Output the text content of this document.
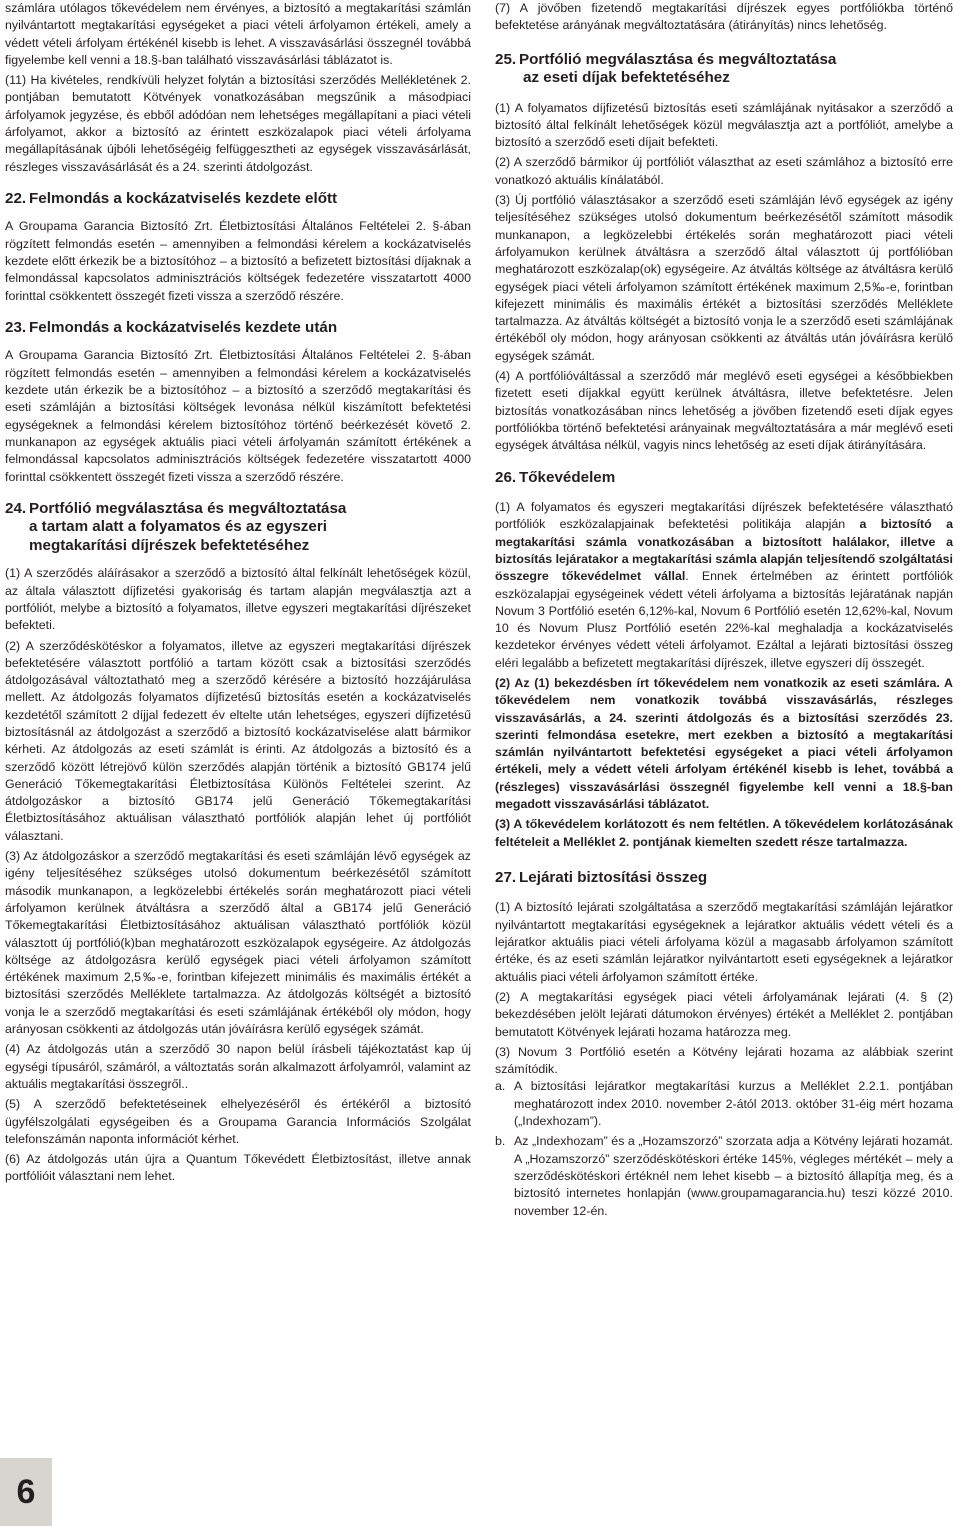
számlára utólagos tőkevédelem nem érvényes, a biztosító a megtakarítási számlán nyilvántartott megtakarítási egységeket a piaci vételi árfolyamon értékeli, amely a védett vételi árfolyam értékénél kisebb is lehet. A visszavásárlási összegnél továbbá figyelembe kell venni a 18.§-ban található visszavásárlási táblázatot is.

(11) Ha kivételes, rendkívüli helyzet folytán a biztosítási szerződés Mellékletének 2. pontjában bemutatott Kötvények vonatkozásában megszűnik a másodpiaci árfolyamok jegyzése, és ebből adódóan nem lehetséges megállapítani a piaci vételi árfolyamot, akkor a biztosító az érintett eszközalapok piaci vételi árfolyama megállapításának újbóli lehetőségéig felfüggesztheti az egységek visszavásárlását, részleges visszavásárlását és a 24. szerinti átdolgozást.

22. Felmondás a kockázatviselés kezdete előtt

A Groupama Garancia Biztosító Zrt. Életbiztosítási Általános Feltételei 2. §-ában rögzített felmondás esetén – amennyiben a felmondási kérelem a kockázatviselés kezdete előtt érkezik be a biztosítóhoz – a biztosító a befizetett biztosítási díjaknak a felmondással kapcsolatos adminisztrációs költségek fedezetére visszatartott 4000 forinttal csökkentett összegét fizeti vissza a szerződő részére.

23. Felmondás a kockázatviselés kezdete után

A Groupama Garancia Biztosító Zrt. Életbiztosítási Általános Feltételei 2. §-ában rögzített felmondás esetén – amennyiben a felmondási kérelem a kockázatviselés kezdete után érkezik be a biztosítóhoz – a biztosító a szerződő megtakarítási és eseti számláján a biztosítási költségek levonása nélkül kiszámított befektetési egységeknek a felmondási kérelem biztosítóhoz történő beérkezését követő 2. munkanapon az egységek aktuális piaci vételi árfolyamán számított értékének a felmondással kapcsolatos adminisztrációs költségek fedezetére visszatartott 4000 forinttal csökkentett összegét fizeti vissza a szerződő részére.

24. Portfólió megválasztása és megváltoztatása
a tartam alatt a folyamatos és az egyszeri
megtakarítási díjrészek befektetéséhez

(1) A szerződés aláírásakor a szerződő a biztosító által felkínált lehetőségek közül, az általa választott díjfizetési gyakoriság és tartam alapján megválasztja azt a portfóliót, melybe a biztosító a folyamatos, illetve egyszeri megtakarítási díjrészeket befekteti.

(2) A szerződéskötéskor a folyamatos, illetve az egyszeri megtakarítási díjrészek befektetésére választott portfólió a tartam között csak a biztosítási szerződés átdolgozásával változtatható meg a szerződő kérésére a biztosító hozzájárulása mellett. Az átdolgozás folyamatos díjfizetésű biztosítás esetén a kockázatviselés kezdetétől számított 2 díjjal fedezett év eltelte után lehetséges, egyszeri díjfizetésű biztosításnál az átdolgozást a szerződő a biztosító kockázatviselése alatt bármikor kérheti. Az átdolgozás az eseti számlát is érinti. Az átdolgozás a biztosító és a szerződő között létrejövő külön szerződés alapján történik a biztosító GB174 jelű Generáció Tőkemegtakarítási Életbiztosítása Különös Feltételei szerint. Az átdolgozáskor a biztosító GB174 jelű Generáció Tőkemegtakarítási Életbiztosításához aktuálisan választható portfóliók alapján lehet új portfóliót választani.

(3) Az átdolgozáskor a szerződő megtakarítási és eseti számláján lévő egységek az igény teljesítéséhez szükséges utolsó dokumentum beérkezésétől számított második munkanapon, a legközelebbi értékelés során meghatározott piaci vételi árfolyamon kerülnek átváltásra a szerződő által a GB174 jelű Generáció Tőkemegtakarítási Életbiztosításához aktuálisan választható portfóliók közül választott új portfólió(k)ban meghatározott eszközalapok egységeire. Az átdolgozás költsége az átdolgozásra kerülő egységek piaci vételi árfolyamon számított értékének maximum 2,5‰-e, forintban kifejezett minimális és maximális értékét a biztosítási szerződés Melléklete tartalmazza. Az átdolgozás költségét a biztosító vonja le a szerződő megtakarítási és eseti számlájának értékéből oly módon, hogy arányosan csökkenti az átdolgozás után jóváírásra kerülő egységek számát.

(4) Az átdolgozás után a szerződő 30 napon belül írásbeli tájékoztatást kap új egységi típusáról, számáról, a változtatás során alkalmazott árfolyamról, valamint az aktuális megtakarítási összegről..

(5) A szerződő befektetéseinek elhelyezéséről és értékéről a biztosító ügyfélszolgálati egységeiben és a Groupama Garancia Információs Szolgálat telefonszámán naponta információt kérhet.

(6) Az átdolgozás után újra a Quantum Tőkevédett Életbiztosítást, illetve annak portfólióit választani nem lehet.

(7) A jövőben fizetendő megtakarítási díjrészek egyes portfóliókba történő befektetése arányának megváltoztatására (átirányítás) nincs lehetőség.

25. Portfólió megválasztása és megváltoztatása
az eseti díjak befektetéséhez

(1) A folyamatos díjfizetésű biztosítás eseti számlájának nyitásakor a szerződő a biztosító által felkínált lehetőségek közül megválasztja azt a portfóliót, amelybe a biztosító a szerződő eseti díjait befekteti.

(2) A szerződő bármikor új portfóliót választhat az eseti számlához a biztosító erre vonatkozó aktuális kínálatából.

(3) Új portfólió választásakor a szerződő eseti számláján lévő egységek az igény teljesítéséhez szükséges utolsó dokumentum beérkezésétől számított második munkanapon, a legközelebbi értékelés során meghatározott piaci vételi árfolyamukon kerülnek átváltásra a szerződő által választott új portfólióban meghatározott eszközalap(ok) egységeire. Az átváltás költsége az átváltásra kerülő egységek piaci vételi árfolyamon számított értékének maximum 2,5‰-e, forintban kifejezett minimális és maximális értékét a biztosítási szerződés Melléklete tartalmazza. Az átváltás költségét a biztosító vonja le a szerződő eseti számlájának értékéből oly módon, hogy arányosan csökkenti az átváltás után jóváírásra kerülő egységek számát.

(4) A portfólióváltással a szerződő már meglévő eseti egységei a későbbiekben fizetett eseti díjakkal együtt kerülnek átváltásra, illetve befektetésre. Jelen biztosítás vonatkozásában nincs lehetőség a jövőben fizetendő eseti díjak egyes portfóliókba történő befektetési arányainak megváltoztatására a már meglévő eseti egységek átváltása nélkül, vagyis nincs lehetőség az eseti díjak átirányítására.

26. Tőkevédelem

(1) A folyamatos és egyszeri megtakarítási díjrészek befektetésére választható portfóliók eszközalapjainak befektetési politikája alapján a biztosító a megtakarítási számla vonatkozásában a biztosított halálakor, illetve a biztosítás lejáratakor a megtakarítási számla alapján teljesítendő szolgáltatási összegre tőkevédelmet vállal. Ennek értelmében az érintett portfóliók eszközalapjai egységeinek védett vételi árfolyama a biztosítás lejáratának napján Novum 3 Portfólió esetén 6,12%-kal, Novum 6 Portfólió esetén 12,62%-kal, Novum 10 és Novum Plusz Portfólió esetén 22%-kal meghaladja a kockázatviselés kezdetekor érvényes védett vételi árfolyamot. Ezáltal a lejárati biztosítási összeg eléri legalább a befizetett megtakarítási díjrészek, illetve egyszeri díj összegét.

(2) Az (1) bekezdésben írt tőkevédelem nem vonatkozik az eseti számlára. A tőkevédelem nem vonatkozik továbbá visszavásárlás, részleges visszavásárlás, a 24. szerinti átdolgozás és a biztosítási szerződés 23. szerinti felmondása esetekre, mert ezekben a biztosító a megtakarítási számlán nyilvántartott befektetési egységeket a piaci vételi árfolyamon értékeli, mely a védett vételi árfolyam értékénél kisebb is lehet, továbbá a (részleges) visszavásárlási összegnél figyelembe kell venni a 18.§-ban megadott visszavásárlási táblázatot.

(3) A tőkevédelem korlátozott és nem feltétlen. A tőkevédelem korlátozásának feltételeit a Melléklet 2. pontjának kiemelten szedett része tartalmazza.

27. Lejárati biztosítási összeg

(1) A biztosító lejárati szolgáltatása a szerződő megtakarítási számláján lejáratkor nyilvántartott megtakarítási egységeknek a lejáratkor aktuális védett vételi és a lejáratkor aktuális piaci vételi árfolyama közül a magasabb árfolyamon számított értéke, és az eseti számlán lejáratkor nyilvántartott eseti egységeknek a lejáratkor aktuális piaci vételi árfolyamon számított értéke.

(2) A megtakarítási egységek piaci vételi árfolyamának lejárati (4. § (2) bekezdésében jelölt lejárati dátumokon érvényes) értékét a Melléklet 2. pontjában bemutatott Kötvények lejárati hozama határozza meg.

(3) Novum 3 Portfólió esetén a Kötvény lejárati hozama az alábbiak szerint számítódik.

a. A biztosítási lejáratkor megtakarítási kurzus a Melléklet 2.2.1. pontjában meghatározott index 2010. november 2-ától 2013. október 31-éig mért hozama („Indexhozam”).
b. Az „Indexhozam” és a „Hozamszorzó” szorzata adja a Kötvény lejárati hozamát. A „Hozamszorzó” szerződéskötéskori értéke 145%, végleges mértékét – mely a szerződéskötéskori értéknél nem lehet kisebb – a biztosító állapítja meg, és a biztosító internetes honlapján (www.groupamagarancia.hu) teszi közzé 2010. november 12-én.
6
